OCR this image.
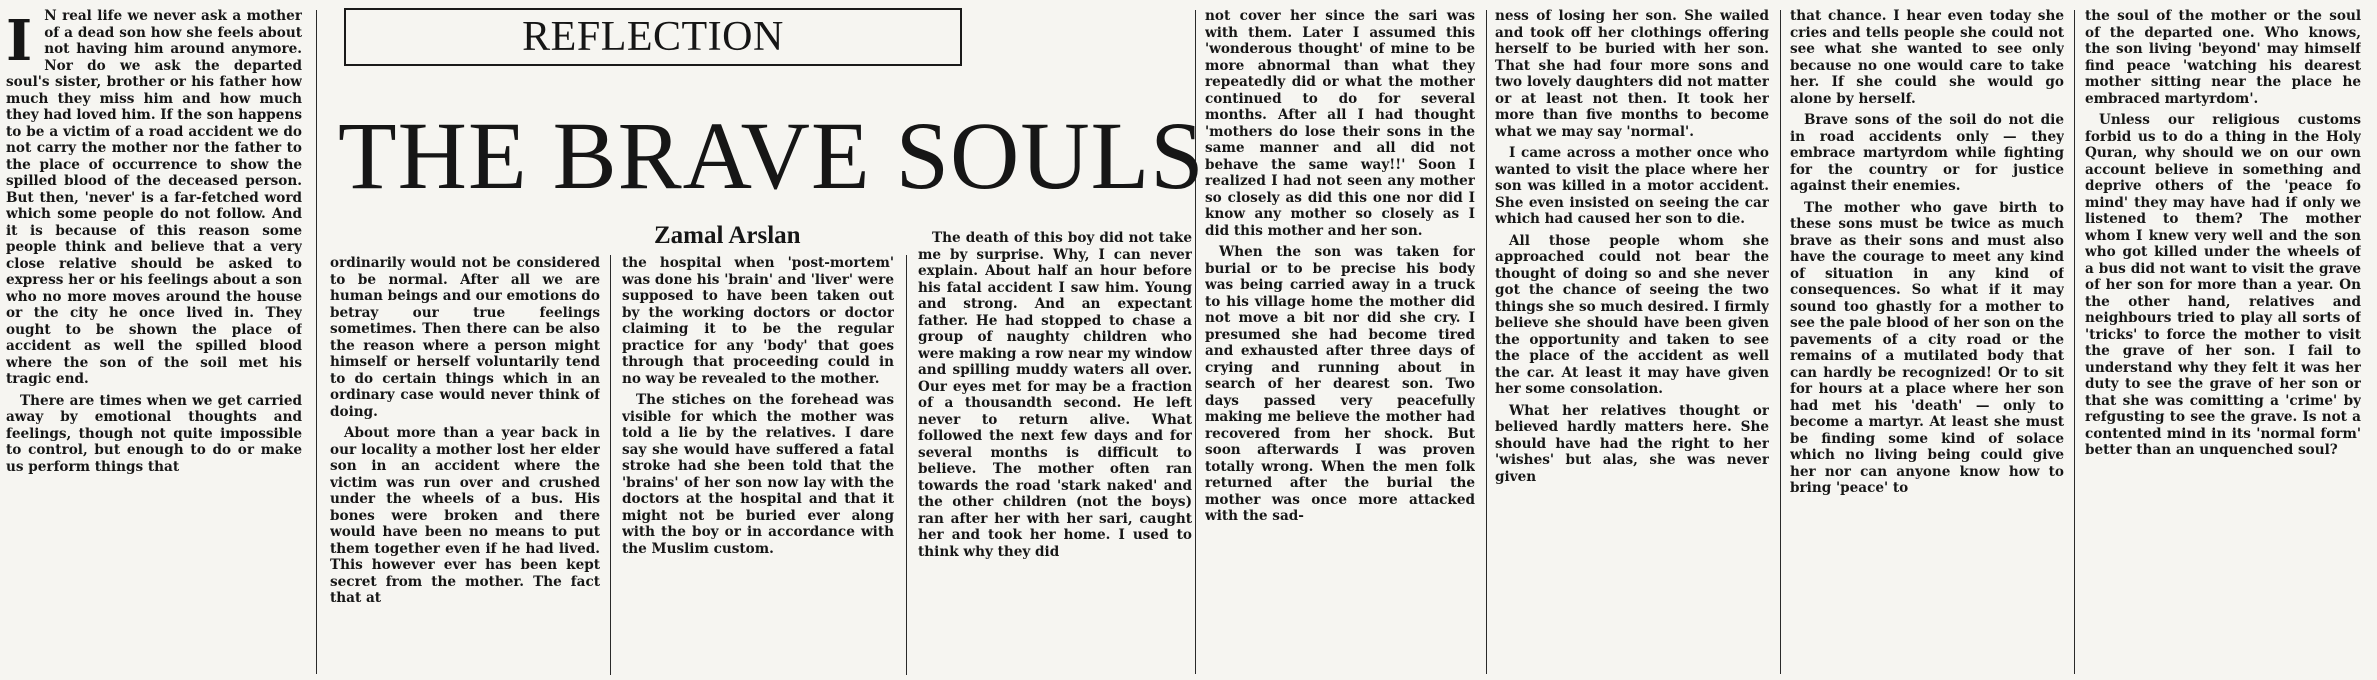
I N real life we never ask a mother of a dead son how she feels about not having him around anymore. Nor do we ask the departed soul's sister, brother or his father how much they miss him and how much they had loved him. If the son happens to be a victim of a road accident we do not carry the mother nor the father to the place of occurrence to show the spilled blood of the deceased person. But then, 'never' is a far-fetched word which some people do not follow. And it is because of this reason some people think and believe that a very close relative should be asked to express her or his feelings about a son who no more moves around the house or the city he once lived in. They ought to be shown the place of accident as well the spilled blood where the son of the soil met his tragic end.

There are times when we get carried away by emotional thoughts and feelings, though not quite impossible to control, but enough to do or make us perform things that

REFLECTION
THE BRAVE SOULS
Zamal Arslan

ordinarily would not be considered to be normal. After all we are human beings and our emotions do betray our true feelings sometimes. Then there can be also the reason where a person might himself or herself voluntarily tend to do certain things which in an ordinary case would never think of doing.

About more than a year back in our locality a mother lost her elder son in an accident where the victim was run over and crushed under the wheels of a bus. His bones were broken and there would have been no means to put them together even if he had lived. This however ever has been kept secret from the mother. The fact that at

the hospital when 'post-mortem' was done his 'brain' and 'liver' were supposed to have been taken out by the working doctors or doctor claiming it to be the regular practice for any 'body' that goes through that proceeding could in no way be revealed to the mother.

The stiches on the forehead was visible for which the mother was told a lie by the relatives. I dare say she would have suffered a fatal stroke had she been told that the 'brains' of her son now lay with the doctors at the hospital and that it might not be buried ever along with the boy or in accordance with the Muslim custom.

The death of this boy did not take me by surprise. Why, I can never explain. About half an hour before his fatal accident I saw him. Young and strong. And an expectant father. He had stopped to chase a group of naughty children who were making a row near my window and spilling muddy waters all over. Our eyes met for may be a fraction of a thousandth second. He left never to return alive. What followed the next few days and for several months is difficult to believe. The mother often ran towards the road 'stark naked' and the other children (not the boys) ran after her with her sari, caught her and took her home. I used to think why they did

not cover her since the sari was with them. Later I assumed this 'wonderous thought' of mine to be more abnormal than what they repeatedly did or what the mother continued to do for several months. After all I had thought 'mothers do lose their sons in the same manner and all did not behave the same way!!' Soon I realized I had not seen any mother so closely as did this one nor did I know any mother so closely as I did this mother and her son.

When the son was taken for burial or to be precise his body was being carried away in a truck to his village home the mother did not move a bit nor did she cry. I presumed she had become tired and exhausted after three days of crying and running about in search of her dearest son. Two days passed very peacefully making me believe the mother had recovered from her shock. But soon afterwards I was proven totally wrong. When the men folk returned after the burial the mother was once more attacked with the sad-

ness of losing her son. She wailed and took off her clothings offering herself to be buried with her son. That she had four more sons and two lovely daughters did not matter or at least not then. It took her more than five months to become what we may say 'normal'.

I came across a mother once who wanted to visit the place where her son was killed in a motor accident. She even insisted on seeing the car which had caused her son to die.

All those people whom she approached could not bear the thought of doing so and she never got the chance of seeing the two things she so much desired. I firmly believe she should have been given the opportunity and taken to see the place of the accident as well the car. At least it may have given her some consolation.

What her relatives thought or believed hardly matters here. She should have had the right to her 'wishes' but alas, she was never given

that chance. I hear even today she cries and tells people she could not see what she wanted to see only because no one would care to take her. If she could she would go alone by herself.

Brave sons of the soil do not die in road accidents only — they embrace martyrdom while fighting for the country or for justice against their enemies.

The mother who gave birth to these sons must be twice as much brave as their sons and must also have the courage to meet any kind of situation in any kind of consequences. So what if it may sound too ghastly for a mother to see the pale blood of her son on the pavements of a city road or the remains of a mutilated body that can hardly be recognized! Or to sit for hours at a place where her son had met his 'death' — only to become a martyr. At least she must be finding some kind of solace which no living being could give her nor can anyone know how to bring 'peace' to

the soul of the mother or the soul of the departed one. Who knows, the son living 'beyond' may himself find peace 'watching his dearest mother sitting near the place he embraced martyrdom'.

Unless our religious customs forbid us to do a thing in the Holy Quran, why should we on our own account believe in something and deprive others of the 'peace fo mind' they may have had if only we listened to them? The mother whom I knew very well and the son who got killed under the wheels of a bus did not want to visit the grave of her son for more than a year. On the other hand, relatives and neighbours tried to play all sorts of 'tricks' to force the mother to visit the grave of her son. I fail to understand why they felt it was her duty to see the grave of her son or that she was comitting a 'crime' by refgusting to see the grave. Is not a contented mind in its 'normal form' better than an unquenched soul?
